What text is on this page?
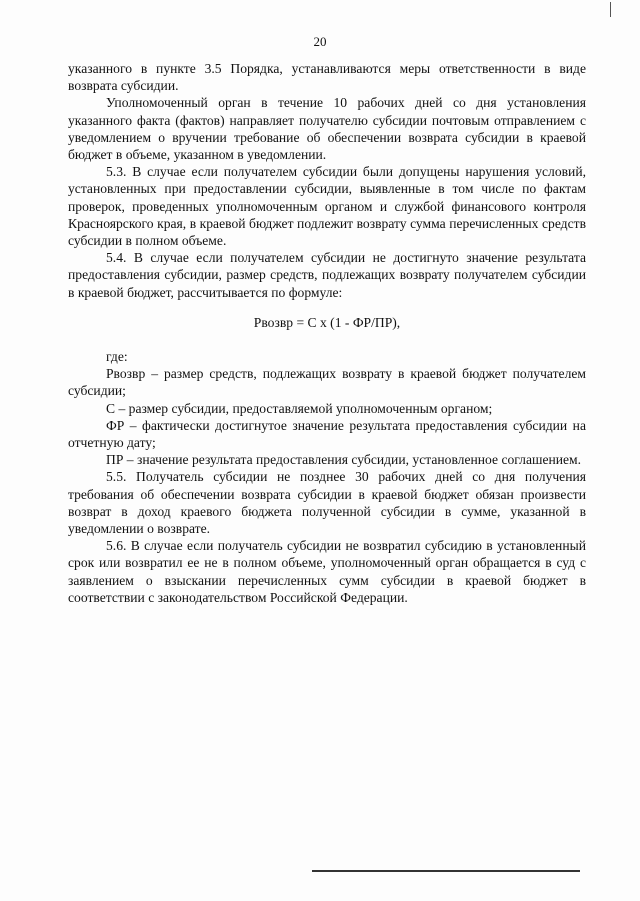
20

указанного в пункте 3.5 Порядка, устанавливаются меры ответственности в виде возврата субсидии.

Уполномоченный орган в течение 10 рабочих дней со дня установления указанного факта (фактов) направляет получателю субсидии почтовым отправлением с уведомлением о вручении требование об обеспечении возврата субсидии в краевой бюджет в объеме, указанном в уведомлении.

5.3. В случае если получателем субсидии были допущены нарушения условий, установленных при предоставлении субсидии, выявленные в том числе по фактам проверок, проведенных уполномоченным органом и службой финансового контроля Красноярского края, в краевой бюджет подлежит возврату сумма перечисленных средств субсидии в полном объеме.

5.4. В случае если получателем субсидии не достигнуто значение результата предоставления субсидии, размер средств, подлежащих возврату получателем субсидии в краевой бюджет, рассчитывается по формуле:

Рвозвр = С х (1 - ФР/ПР),

где:

Рвозвр – размер средств, подлежащих возврату в краевой бюджет получателем субсидии;

С – размер субсидии, предоставляемой уполномоченным органом;

ФР – фактически достигнутое значение результата предоставления субсидии на отчетную дату;

ПР – значение результата предоставления субсидии, установленное соглашением.

5.5. Получатель субсидии не позднее 30 рабочих дней со дня получения требования об обеспечении возврата субсидии в краевой бюджет обязан произвести возврат в доход краевого бюджета полученной субсидии в сумме, указанной в уведомлении о возврате.

5.6. В случае если получатель субсидии не возвратил субсидию в установленный срок или возвратил ее не в полном объеме, уполномоченный орган обращается в суд с заявлением о взыскании перечисленных сумм субсидии в краевой бюджет в соответствии с законодательством Российской Федерации.
